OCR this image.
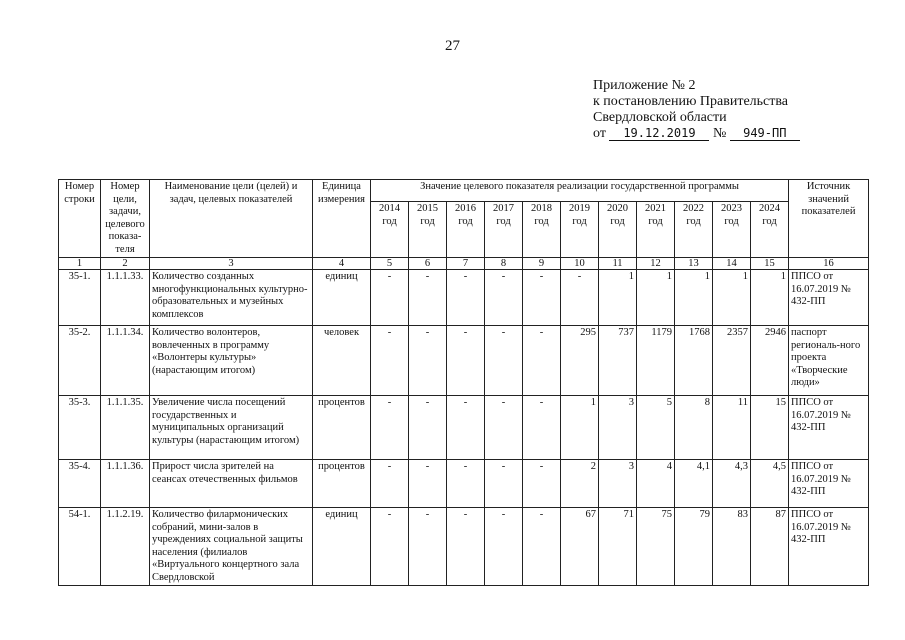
27
Приложение № 2
к постановлению Правительства
Свердловской области
от 19.12.2019 № 949-ПП
Номер строки	Номер цели, задачи, целевого показа-теля	Наименование цели (целей) и задач, целевых показателей	Единица измерения	Значение целевого показателя реализации государственной программы											Источник значений показателей
				2014 год	2015 год	2016 год	2017 год	2018 год	2019 год	2020 год	2021 год	2022 год	2023 год	2024 год	
1	2	3	4	5	6	7	8	9	10	11	12	13	14	15	16
35-1.	1.1.1.33.	Количество созданных многофункциональных культурно-образовательных и музейных комплексов	единиц	-	-	-	-	-	-	1	1	1	1	1	ППСО от 16.07.2019 № 432-ПП
35-2.	1.1.1.34.	Количество волонтеров, вовлеченных в программу «Волонтеры культуры» (нарастающим итогом)	человек	-	-	-	-	-	295	737	1179	1768	2357	2946	паспорт региональ-ного проекта «Творческие люди»
35-3.	1.1.1.35.	Увеличение числа посещений государственных и муниципальных организаций культуры (нарастающим итогом)	процентов	-	-	-	-	-	1	3	5	8	11	15	ППСО от 16.07.2019 № 432-ПП
35-4.	1.1.1.36.	Прирост числа зрителей на сеансах отечественных фильмов	процентов	-	-	-	-	-	2	3	4	4,1	4,3	4,5	ППСО от 16.07.2019 № 432-ПП
54-1.	1.1.2.19.	Количество филармонических собраний, мини-залов в учреждениях социальной защиты населения (филиалов «Виртуального концертного зала Свердловской	единиц	-	-	-	-	-	67	71	75	79	83	87	ППСО от 16.07.2019 № 432-ПП
